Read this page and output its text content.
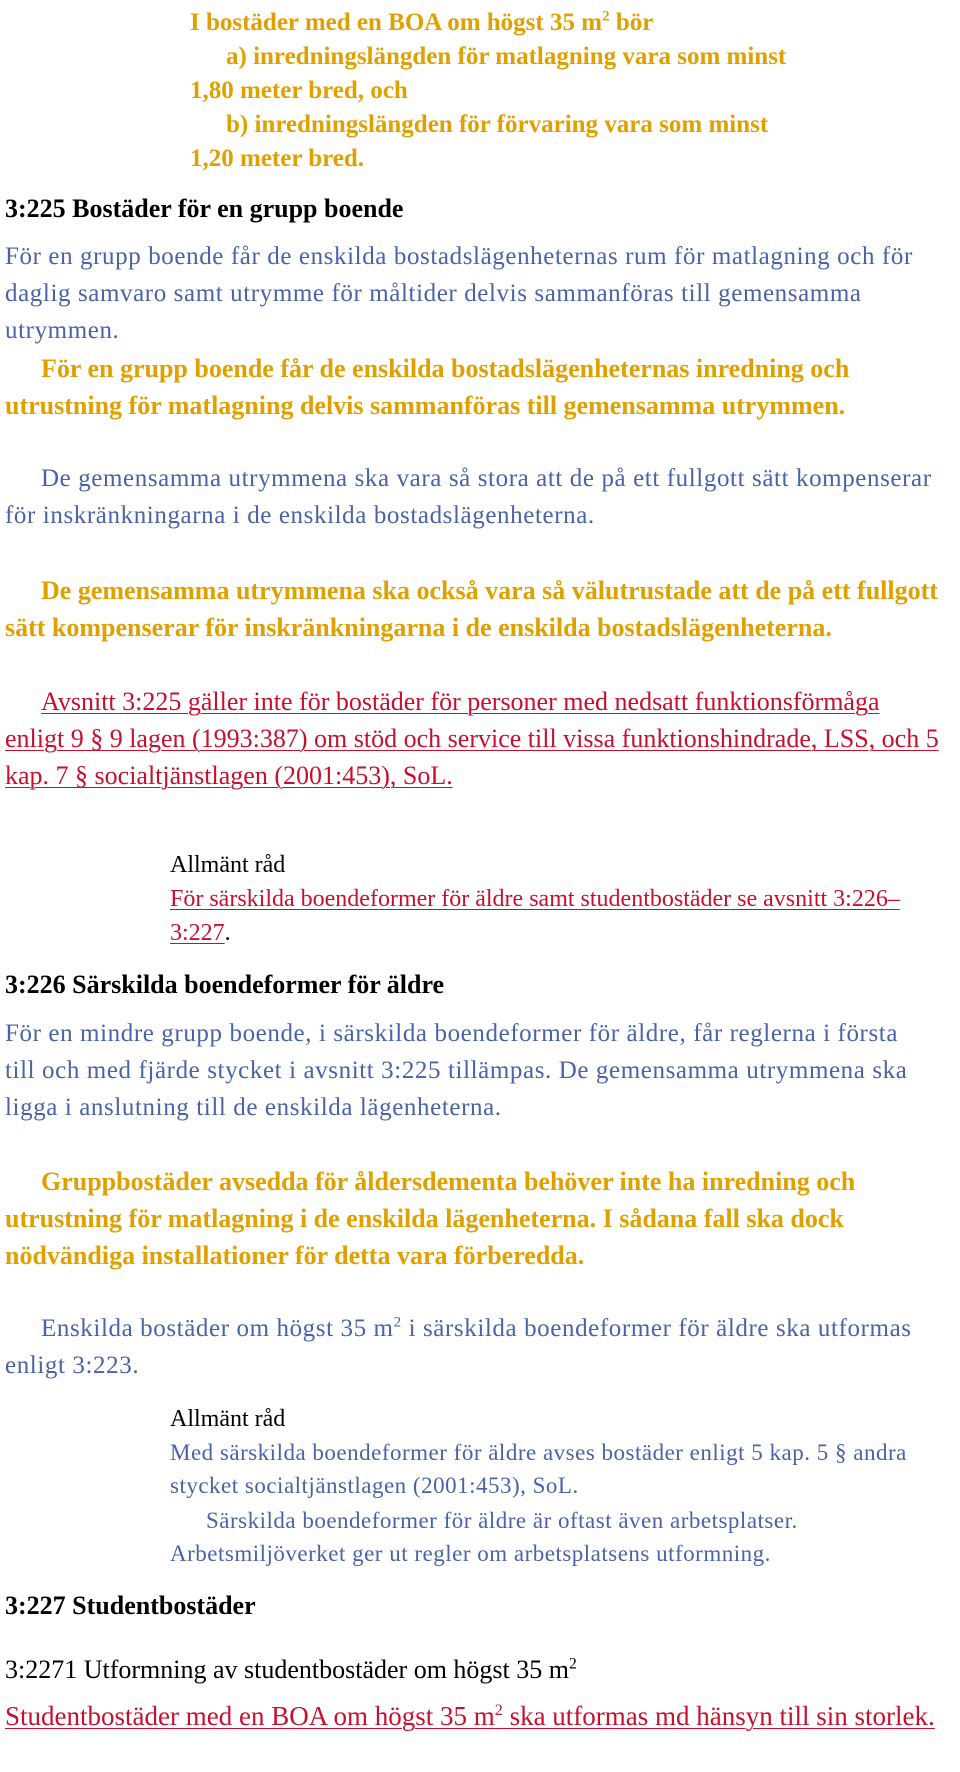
I bostäder med en BOA om högst 35 $m^2$ bör
a) inredningslängden för matlagning vara som minst
1,80 meter bred, och
b) inredningslängden för förvaring vara som minst
1,20 meter bred.
3:225 Bostäder för en grupp boende

För en grupp boende får de enskilda bostadslägenheternas rum för matlagning och för daglig samvaro samt utrymme för måltider delvis sammanföras till gemensamma utrymmen.

För en grupp boende får de enskilda bostadslägenheternas inredning och utrustning för matlagning delvis sammanföras till gemensamma utrymmen.

De gemensamma utrymmena ska vara så stora att de på ett fullgott sätt kompenserar för inskränkningarna i de enskilda bostadslägenheterna.

De gemensamma utrymmena ska också vara så välutrustade att de på ett fullgott sätt kompenserar för inskränkningarna i de enskilda bostadslägenheterna.

Avsnitt 3:225 gäller inte för bostäder för personer med nedsatt funktionsförmåga enligt 9 § 9 lagen (1993:387) om stöd och service till vissa funktionshindrade, LSS, och 5 kap. 7 § socialtjänstlagen (2001:453), SoL.

Allmänt råd

För särskilda boendeformer för äldre samt studentbostäder se avsnitt 3:226–3:227.

3:226 Särskilda boendeformer för äldre

För en mindre grupp boende, i särskilda boendeformer för äldre, får reglerna i första till och med fjärde stycket i avsnitt 3:225 tillämpas. De gemensamma utrymmena ska ligga i anslutning till de enskilda lägenheterna.

Gruppbostäder avsedda för åldersdementa behöver inte ha inredning och utrustning för matlagning i de enskilda lägenheterna. I sådana fall ska dock nödvändiga installationer för detta vara förberedda.

Enskilda bostäder om högst 35 $m^2$ i särskilda boendeformer för äldre ska utformas enligt 3:223.

Allmänt råd

Med särskilda boendeformer för äldre avses bostäder enligt 5 kap. 5 § andra stycket socialtjänstlagen (2001:453), SoL.

Särskilda boendeformer för äldre är oftast även arbetsplatser. Arbetsmiljöverket ger ut regler om arbetsplatsens utformning.

3:227 Studentbostäder
3:2271 Utformning av studentbostäder om högst 35 $m^2$

Studentbostäder med en BOA om högst 35 $m^2$ ska utformas md hänsyn till sin storlek.
